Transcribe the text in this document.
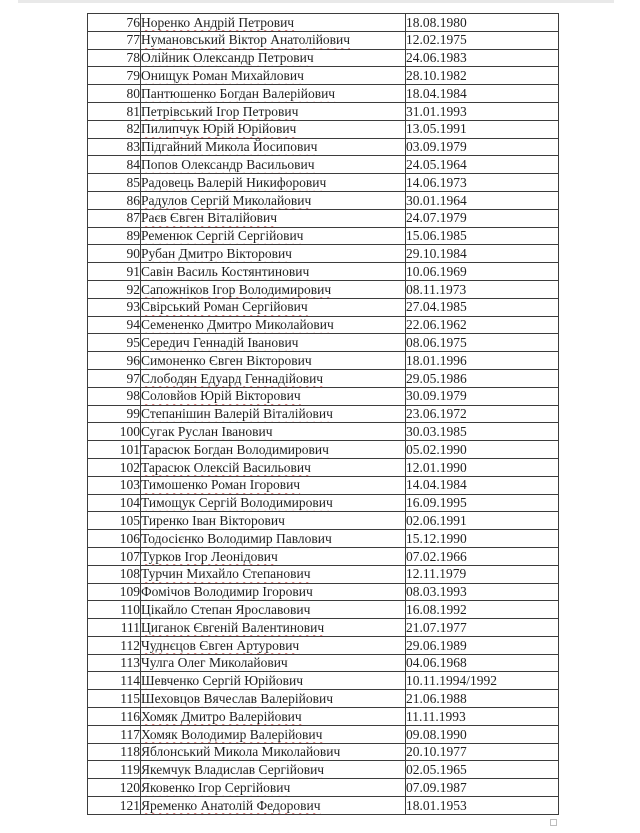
76	Норенко Андрій Петрович	18.08.1980
77	Нумановський Віктор Анатолійович	12.02.1975
78	Олійник Олександр Петрович	24.06.1983
79	Онищук Роман Михайлович	28.10.1982
80	Пантюшенко Богдан Валерійович	18.04.1984
81	Петрівський Ігор Петрович	31.01.1993
82	Пилипчук Юрій Юрійович	13.05.1991
83	Підгайний Микола Йосипович	03.09.1979
84	Попов Олександр Васильович	24.05.1964
85	Радовець Валерій Никифорович	14.06.1973
86	Радулов Сергій Миколайович	30.01.1964
87	Раєв Євген Віталійович	24.07.1979
89	Ременюк Сергій Сергійович	15.06.1985
90	Рубан Дмитро Вікторович	29.10.1984
91	Савін Василь Костянтинович	10.06.1969
92	Сапожніков Ігор Володимирович	08.11.1973
93	Свірський Роман Сергійович	27.04.1985
94	Семененко Дмитро Миколайович	22.06.1962
95	Середич Геннадій Іванович	08.06.1975
96	Симоненко Євген Вікторович	18.01.1996
97	Слободян Едуард Геннадійович	29.05.1986
98	Соловйов Юрій Вікторович	30.09.1979
99	Степанішин Валерій Віталійович	23.06.1972
100	Сугак Руслан Іванович	30.03.1985
101	Тарасюк Богдан Володимирович	05.02.1990
102	Тарасюк Олексій Васильович	12.01.1990
103	Тимошенко Роман Ігорович	14.04.1984
104	Тимощук Сергій Володимирович	16.09.1995
105	Тиренко Іван Вікторович	02.06.1991
106	Тодосієнко Володимир Павлович	15.12.1990
107	Турков Ігор Леонідович	07.02.1966
108	Турчин Михайло Степанович	12.11.1979
109	Фомічов Володимир Ігорович	08.03.1993
110	Цікайло Степан Ярославович	16.08.1992
111	Циганок Євгеній Валентинович	21.07.1977
112	Чуднєцов Євген Артурович	29.06.1989
113	Чулга Олег Миколайович	04.06.1968
114	Шевченко Сергій Юрійович	10.11.1994/1992
115	Шеховцов Вячеслав Валерійович	21.06.1988
116	Хомяк Дмитро Валерійович	11.11.1993
117	Хомяк Володимир Валерійович	09.08.1990
118	Яблонський Микола Миколайович	20.10.1977
119	Якемчук Владислав Сергійович	02.05.1965
120	Яковенко Ігор Сергійович	07.09.1987
121	Яременко Анатолій Федорович	18.01.1953
